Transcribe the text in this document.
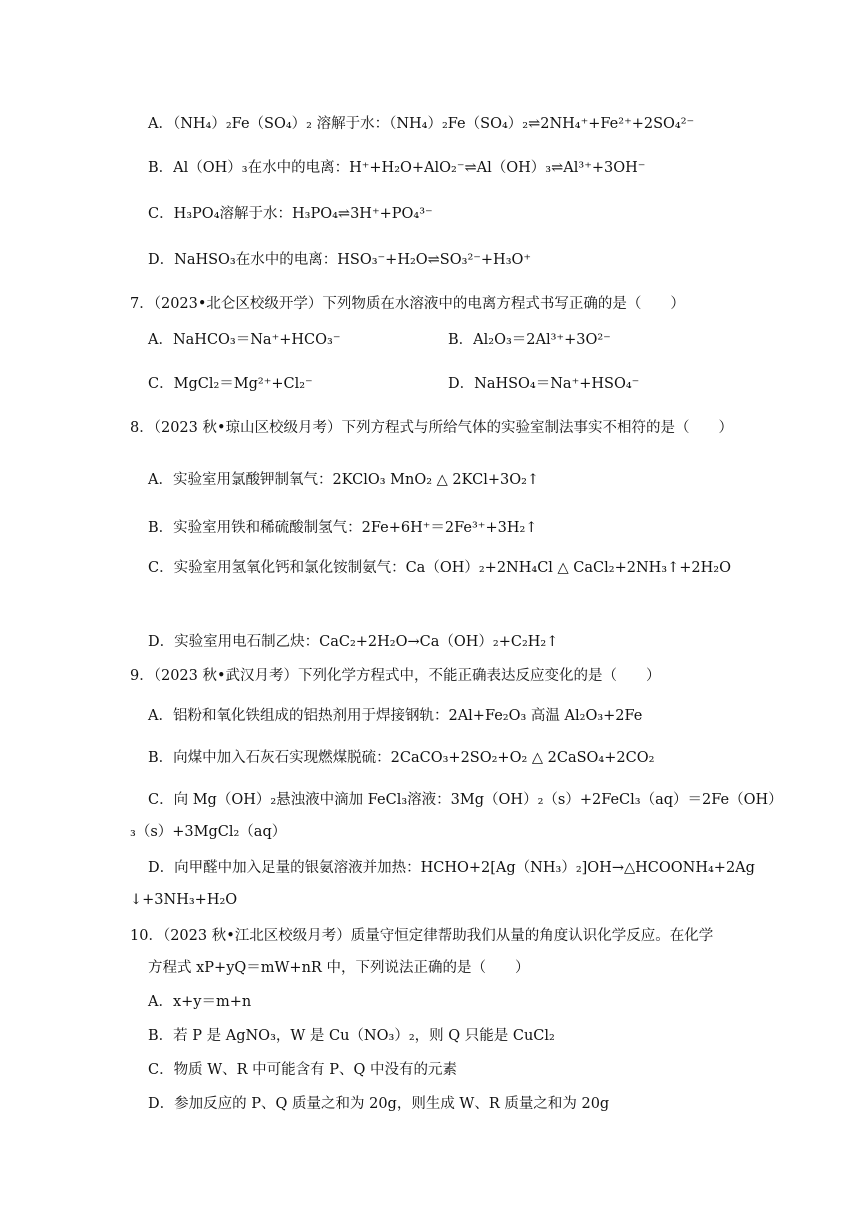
A．（NH₄）₂Fe（SO₄）₂ 溶解于水：（NH₄）₂Fe（SO₄）₂⇌2NH₄⁺+Fe²⁺+2SO₄²⁻
B．Al（OH）₃在水中的电离：H⁺+H₂O+AlO₂⁻⇌Al（OH）₃⇌Al³⁺+3OH⁻
C．H₃PO₄溶解于水：H₃PO₄⇌3H⁺+PO₄³⁻
D．NaHSO₃在水中的电离：HSO₃⁻+H₂O⇌SO₃²⁻+H₃O⁺
7．（2023•北仑区校级开学）下列物质在水溶液中的电离方程式书写正确的是（　　）
A．NaHCO₃＝Na⁺+HCO₃⁻	B．Al₂O₃＝2Al³⁺+3O²⁻
C．MgCl₂＝Mg²⁺+Cl₂⁻	D．NaHSO₄＝Na⁺+HSO₄⁻
8．（2023 秋•琼山区校级月考）下列方程式与所给气体的实验室制法事实不相符的是（　　）
A．实验室用氯酸钾制氧气：2KClO₃ MnO₂ △ 2KCl+3O₂↑
B．实验室用铁和稀硫酸制氢气：2Fe+6H⁺＝2Fe³⁺+3H₂↑
C．实验室用氢氧化钙和氯化铵制氨气：Ca（OH）₂+2NH₄Cl △ CaCl₂+2NH₃↑+2H₂O
D．实验室用电石制乙炔：CaC₂+2H₂O→Ca（OH）₂+C₂H₂↑
9．（2023 秋•武汉月考）下列化学方程式中，不能正确表达反应变化的是（　　）
A．铝粉和氧化铁组成的铝热剂用于焊接钢轨：2Al+Fe₂O₃ 高温 Al₂O₃+2Fe
B．向煤中加入石灰石实现燃煤脱硫：2CaCO₃+2SO₂+O₂ △ 2CaSO₄+2CO₂
C．向 Mg（OH）₂悬浊液中滴加 FeCl₃溶液：3Mg（OH）₂（s）+2FeCl₃（aq）＝2Fe（OH）
₃（s）+3MgCl₂（aq）
D．向甲醛中加入足量的银氨溶液并加热：HCHO+2[Ag（NH₃）₂]OH→△HCOONH₄+2Ag
↓+3NH₃+H₂O
10．（2023 秋•江北区校级月考）质量守恒定律帮助我们从量的角度认识化学反应。在化学
方程式 xP+yQ＝mW+nR 中，下列说法正确的是（　　）
A．x+y＝m+n
B．若 P 是 AgNO₃，W 是 Cu（NO₃）₂，则 Q 只能是 CuCl₂
C．物质 W、R 中可能含有 P、Q 中没有的元素
D．参加反应的 P、Q 质量之和为 20g，则生成 W、R 质量之和为 20g
